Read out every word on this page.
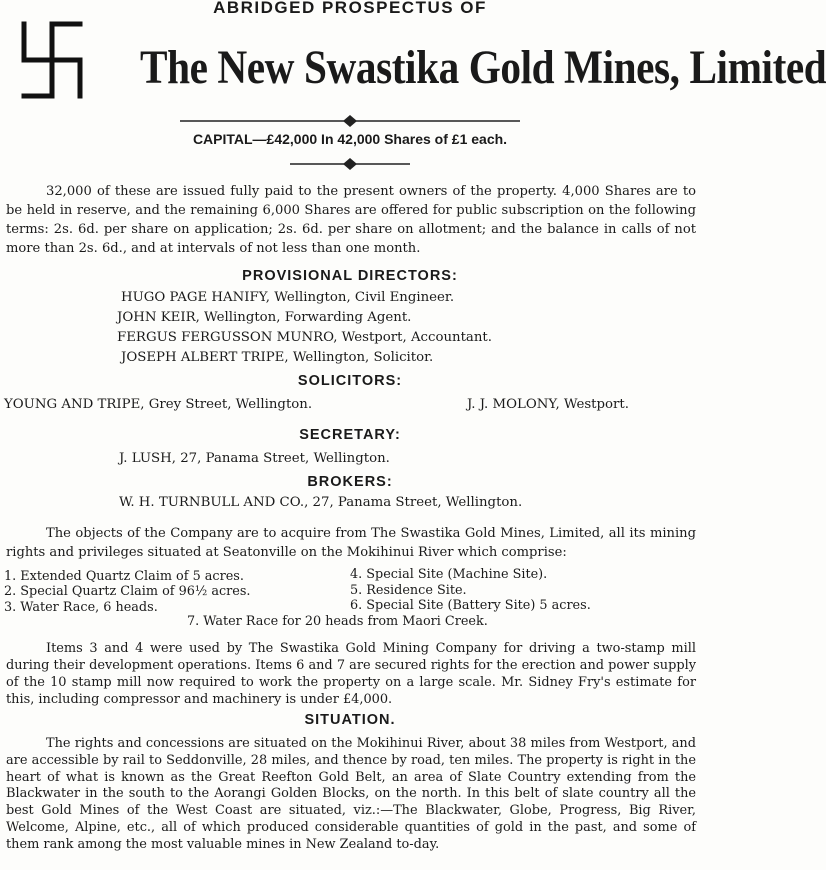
ABRIDGED PROSPECTUS OF
The New Swastika Gold Mines, Limited
CAPITAL—£42,000 In 42,000 Shares of £1 each.
32,000 of these are issued fully paid to the present owners of the property. 4,000 Shares are to be held in reserve, and the remaining 6,000 Shares are offered for public subscription on the following terms: 2s. 6d. per share on application; 2s. 6d. per share on allotment; and the balance in calls of not more than 2s. 6d., and at intervals of not less than one month.
PROVISIONAL DIRECTORS:
HUGO PAGE HANIFY, Wellington, Civil Engineer.
JOHN KEIR, Wellington, Forwarding Agent.
FERGUS FERGUSSON MUNRO, Westport, Accountant.
JOSEPH ALBERT TRIPE, Wellington, Solicitor.
SOLICITORS:
YOUNG AND TRIPE, Grey Street, Wellington.	J. J. MOLONY, Westport.
SECRETARY:
J. LUSH, 27, Panama Street, Wellington.
BROKERS:
W. H. TURNBULL AND CO., 27, Panama Street, Wellington.
The objects of the Company are to acquire from The Swastika Gold Mines, Limited, all its mining rights and privileges situated at Seatonville on the Mokihinui River which comprise:
1. Extended Quartz Claim of 5 acres.
2. Special Quartz Claim of 96½ acres.
3. Water Race, 6 heads.
4. Special Site (Machine Site).
5. Residence Site.
6. Special Site (Battery Site) 5 acres.
7. Water Race for 20 heads from Maori Creek.
Items 3 and 4 were used by The Swastika Gold Mining Company for driving a two-stamp mill during their development operations. Items 6 and 7 are secured rights for the erection and power supply of the 10 stamp mill now required to work the property on a large scale. Mr. Sidney Fry's estimate for this, including compressor and machinery is under £4,000.
SITUATION.
The rights and concessions are situated on the Mokihinui River, about 38 miles from Westport, and are accessible by rail to Seddonville, 28 miles, and thence by road, ten miles. The property is right in the heart of what is known as the Great Reefton Gold Belt, an area of Slate Country extending from the Blackwater in the south to the Aorangi Golden Blocks, on the north. In this belt of slate country all the best Gold Mines of the West Coast are situated, viz.:—The Blackwater, Globe, Progress, Big River, Welcome, Alpine, etc., all of which produced considerable quantities of gold in the past, and some of them rank among the most valuable mines in New Zealand to-day.
